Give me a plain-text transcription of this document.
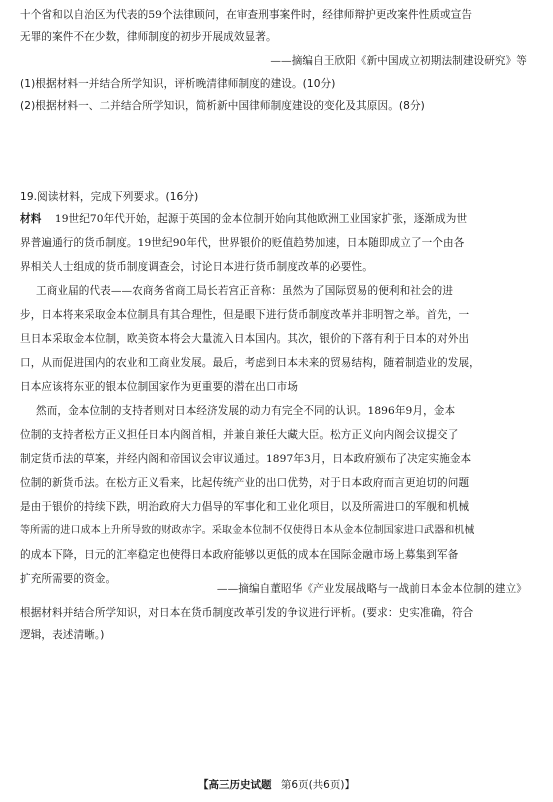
十个省和以自治区为代表的59个法律顾问，在审查刑事案件时，经律师辩护更改案件性质或宣告
无罪的案件不在少数，律师制度的初步开展成效显著。
——摘编自王欣阳《新中国成立初期法制建设研究》等
(1)根据材料一并结合所学知识，评析晚清律师制度的建设。(10分)
(2)根据材料一、二并结合所学知识，简析新中国律师制度建设的变化及其原因。(8分)
19.阅读材料，完成下列要求。(16分)
材料 19世纪70年代开始，起源于英国的金本位制开始向其他欧洲工业国家扩张，逐渐成为世
界普遍通行的货币制度。19世纪90年代，世界银价的贬值趋势加速，日本随即成立了一个由各
界相关人士组成的货币制度调查会，讨论日本进行货币制度改革的必要性。
工商业届的代表——农商务省商工局长若宫正音称：虽然为了国际贸易的便利和社会的进
步，日本将来采取金本位制具有其合理性，但是眼下进行货币制度改革并非明智之举。首先，一
旦日本采取金本位制，欧美资本将会大量流入日本国内。其次，银价的下落有利于日本的对外出
口，从而促进国内的农业和工商业发展。最后，考虑到日本未来的贸易结构，随着制造业的发展，
日本应该将东亚的银本位制国家作为更重要的潜在出口市场
然而，金本位制的支持者则对日本经济发展的动力有完全不同的认识。1896年9月，金本
位制的支持者松方正义担任日本内阁首相，并兼自兼任大藏大臣。松方正义向内阁会议提交了
制定货币法的草案，并经内阁和帝国议会审议通过。1897年3月，日本政府颁布了决定实施金本
位制的新货币法。在松方正义看来，比起传统产业的出口优势，对于日本政府而言更迫切的问题
是由于银价的持续下跌，明治政府大力倡导的军事化和工业化项目，以及所需进口的军舰和机械
等所需的进口成本上升所导致的财政赤字。采取金本位制不仅使得日本从金本位制国家进口武器和机械
的成本下降，日元的汇率稳定也使得日本政府能够以更低的成本在国际金融市场上募集到军备
扩充所需要的资金。
——摘编自董昭华《产业发展战略与一战前日本金本位制的建立》
根据材料并结合所学知识，对日本在货币制度改革引发的争议进行评析。(要求：史实准确，符合
逻辑，表述清晰。)
【高三历史试题 第6页(共6页)】
